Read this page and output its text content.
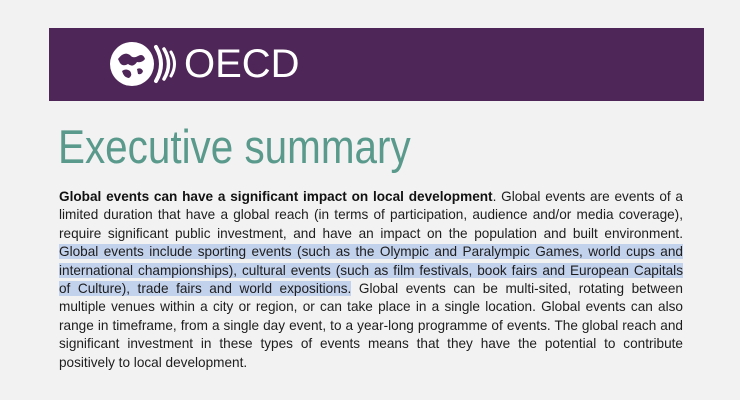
OECD
Executive summary
Global events can have a significant impact on local development. Global events are events of a limited duration that have a global reach (in terms of participation, audience and/or media coverage), require significant public investment, and have an impact on the population and built environment. Global events include sporting events (such as the Olympic and Paralympic Games, world cups and international championships), cultural events (such as film festivals, book fairs and European Capitals of Culture), trade fairs and world expositions. Global events can be multi-sited, rotating between multiple venues within a city or region, or can take place in a single location. Global events can also range in timeframe, from a single day event, to a year-long programme of events. The global reach and significant investment in these types of events means that they have the potential to contribute positively to local development.
